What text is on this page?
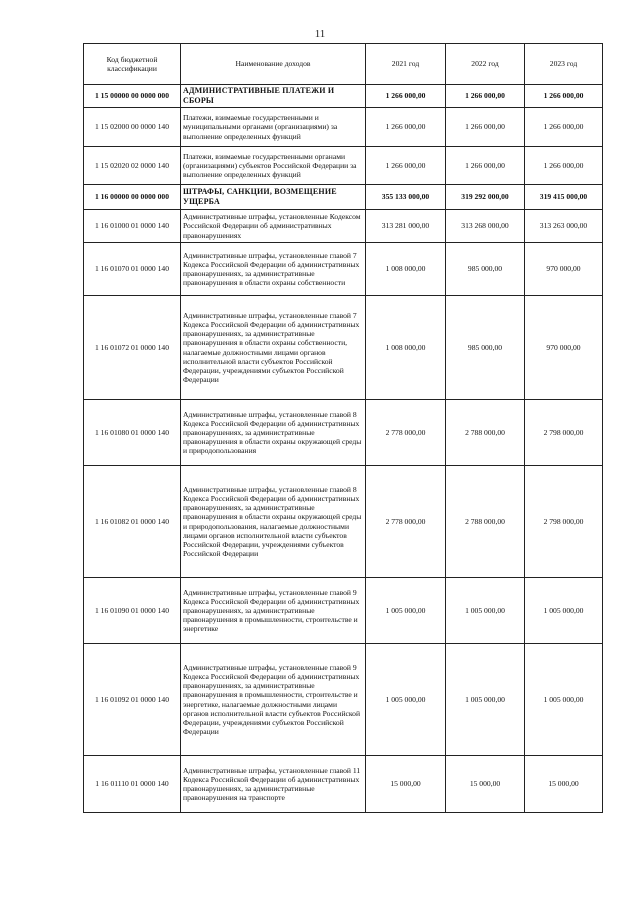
11
Код бюджетной классификации	Наименование доходов	2021 год	2022 год	2023 год
1 15 00000 00 0000 000	АДМИНИСТРАТИВНЫЕ ПЛАТЕЖИ И СБОРЫ	1 266 000,00	1 266 000,00	1 266 000,00
1 15 02000 00 0000 140	Платежи, взимаемые государственными и муниципальными органами (организациями) за выполнение определенных функций	1 266 000,00	1 266 000,00	1 266 000,00
1 15 02020 02 0000 140	Платежи, взимаемые государственными органами (организациями) субъектов Российской Федерации за выполнение определенных функций	1 266 000,00	1 266 000,00	1 266 000,00
1 16 00000 00 0000 000	ШТРАФЫ, САНКЦИИ, ВОЗМЕЩЕНИЕ УЩЕРБА	355 133 000,00	319 292 000,00	319 415 000,00
1 16 01000 01 0000 140	Административные штрафы, установленные Кодексом Российской Федерации об административных правонарушениях	313 281 000,00	313 268 000,00	313 263 000,00
1 16 01070 01 0000 140	Административные штрафы, установленные главой 7 Кодекса Российской Федерации об административных правонарушениях, за административные правонарушения в области охраны собственности	1 008 000,00	985 000,00	970 000,00
1 16 01072 01 0000 140	Административные штрафы, установленные главой 7 Кодекса Российской Федерации об административных правонарушениях, за административные правонарушения в области охраны собственности, налагаемые должностными лицами органов исполнительной власти субъектов Российской Федерации, учреждениями субъектов Российской Федерации	1 008 000,00	985 000,00	970 000,00
1 16 01080 01 0000 140	Административные штрафы, установленные главой 8 Кодекса Российской Федерации об административных правонарушениях, за административные правонарушения в области охраны окружающей среды и природопользования	2 778 000,00	2 788 000,00	2 798 000,00
1 16 01082 01 0000 140	Административные штрафы, установленные главой 8 Кодекса Российской Федерации об административных правонарушениях, за административные правонарушения в области охраны окружающей среды и природопользования, налагаемые должностными лицами органов исполнительной власти субъектов Российской Федерации, учреждениями субъектов Российской Федерации	2 778 000,00	2 788 000,00	2 798 000,00
1 16 01090 01 0000 140	Административные штрафы, установленные главой 9 Кодекса Российской Федерации об административных правонарушениях, за административные правонарушения в промышленности, строительстве и энергетике	1 005 000,00	1 005 000,00	1 005 000,00
1 16 01092 01 0000 140	Административные штрафы, установленные главой 9 Кодекса Российской Федерации об административных правонарушениях, за административные правонарушения в промышленности, строительстве и энергетике, налагаемые должностными лицами органов исполнительной власти субъектов Российской Федерации, учреждениями субъектов Российской Федерации	1 005 000,00	1 005 000,00	1 005 000,00
1 16 01110 01 0000 140	Административные штрафы, установленные главой 11 Кодекса Российской Федерации об административных правонарушениях, за административные правонарушения на транспорте	15 000,00	15 000,00	15 000,00
